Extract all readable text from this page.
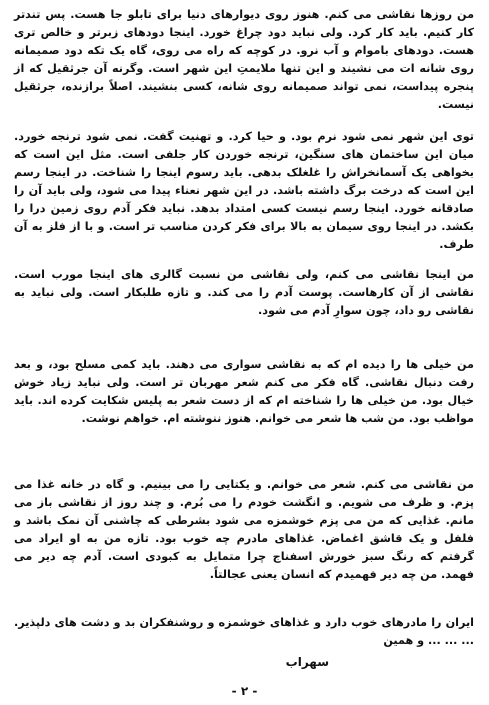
من روزها نقاشی می کنم. هنوز روی دیوارهای دنیا برای تابلو جا هست. پس تندتر کار کنیم. باید کار کرد. ولی نباید دود چراغ خورد. اینجا دودهای زبرتر و خالص تری هست. دودهای باموام و آب نرو. در کوچه که راه می روی، گاه یک تکه دود صمیمانه روی شانه ات می نشیند و این تنها ملایمتِ این شهر است. وگرنه آن جرثقیل که از پنجره پیداست، نمی تواند صمیمانه روی شانه، کسی بنشیند. اصلاً برازنده، جرثقیل نیست.

توی این شهر نمی شود نرم بود. و حیا کرد. و تهنیت گفت. نمی شود ترنجه خورد. میان این ساختمان های سنگین، ترنجه خوردن کار جلفی است. مثل این است که بخواهی یک آسمانخراش را غلغلک بدهی. باید رسوم اینجا را شناخت. در اینجا رسم این است که درخت برگ داشته باشد. در این شهر نعناء پیدا می شود، ولی باید آن را صادقانه خورد. اینجا رسم نیست کسی امتداد بدهد. نباید فکر آدم روی زمین درا را بکشد. در اینجا روی سیمان به بالا برای فکر کردن مناسب تر است. و با از فلز به آن طرف.

من اینجا نقاشی می کنم، ولی نقاشی من نسبت گالری های اینجا مورب است. نقاشی از آن کارهاست. پوست آدم را می کند. و تازه طلبکار است. ولی نباید به نقاشی رو داد، چون سوارِ آدم می شود.

من خیلی ها را دیده ام که به نقاشی سواری می دهند. باید کمی مسلح بود، و بعد رفت دنبال نقاشی. گاه فکر می کنم شعر مهربان تر است. ولی نباید زیاد خوش خیال بود. من خیلی ها را شناخته ام که از دست شعر به پلیس شکایت کرده اند. باید مواظب بود. من شب ها شعر می خوانم. هنوز ننوشته ام. خواهم نوشت.

من نقاشی می کنم. شعر می خوانم. و یکتایی را می بینیم. و گاه در خانه غذا می پزم. و ظرف می شویم. و انگشت خودم را می بُرم. و چند روز از نقاشی باز می مانم. غذایی که من می پزم خوشمزه می شود بشرطی که چاشنی آن نمک باشد و فلفل و یک قاشق اغماض. غذاهای مادرم چه خوب بود. تازه من به او ایراد می گرفتم که رنگ سبز خورش اسفناج چرا متمایل به کبودی است. آدم چه دیر می فهمد. من چه دیر فهمیدم که انسان یعنی عجالتاً.

ایران را مادرهای خوب دارد و غذاهای خوشمزه و روشنفکران بد و دشت های دلپذیر. ... ... ... و همین

سهراب
- ٢ -
